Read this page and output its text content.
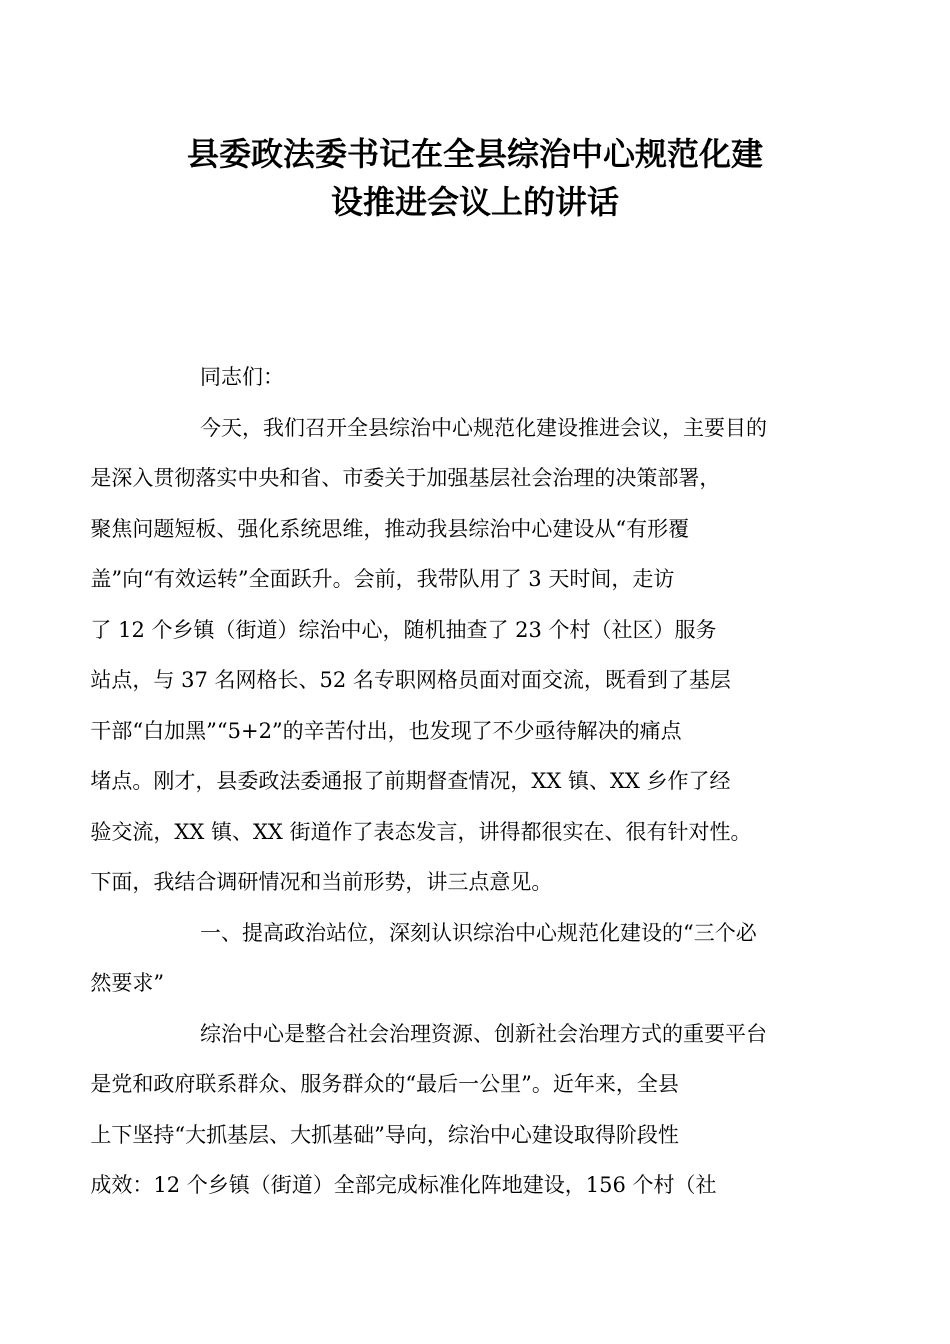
县委政法委书记在全县综治中心规范化建
设推进会议上的讲话
同志们：
今天，我们召开全县综治中心规范化建设推进会议，主要目的
是深入贯彻落实中央和省、市委关于加强基层社会治理的决策部署，
聚焦问题短板、强化系统思维，推动我县综治中心建设从“有形覆
盖”向“有效运转”全面跃升。会前，我带队用了 3 天时间，走访
了 12 个乡镇（街道）综治中心，随机抽查了 23 个村（社区）服务
站点，与 37 名网格长、52 名专职网格员面对面交流，既看到了基层
干部“白加黑”“5+2”的辛苦付出，也发现了不少亟待解决的痛点
堵点。刚才，县委政法委通报了前期督查情况，XX 镇、XX 乡作了经
验交流，XX 镇、XX 街道作了表态发言，讲得都很实在、很有针对性。
下面，我结合调研情况和当前形势，讲三点意见。
一、提高政治站位，深刻认识综治中心规范化建设的“三个必
然要求”
综治中心是整合社会治理资源、创新社会治理方式的重要平台
是党和政府联系群众、服务群众的“最后一公里”。近年来，全县
上下坚持“大抓基层、大抓基础”导向，综治中心建设取得阶段性
成效：12 个乡镇（街道）全部完成标准化阵地建设，156 个村（社
